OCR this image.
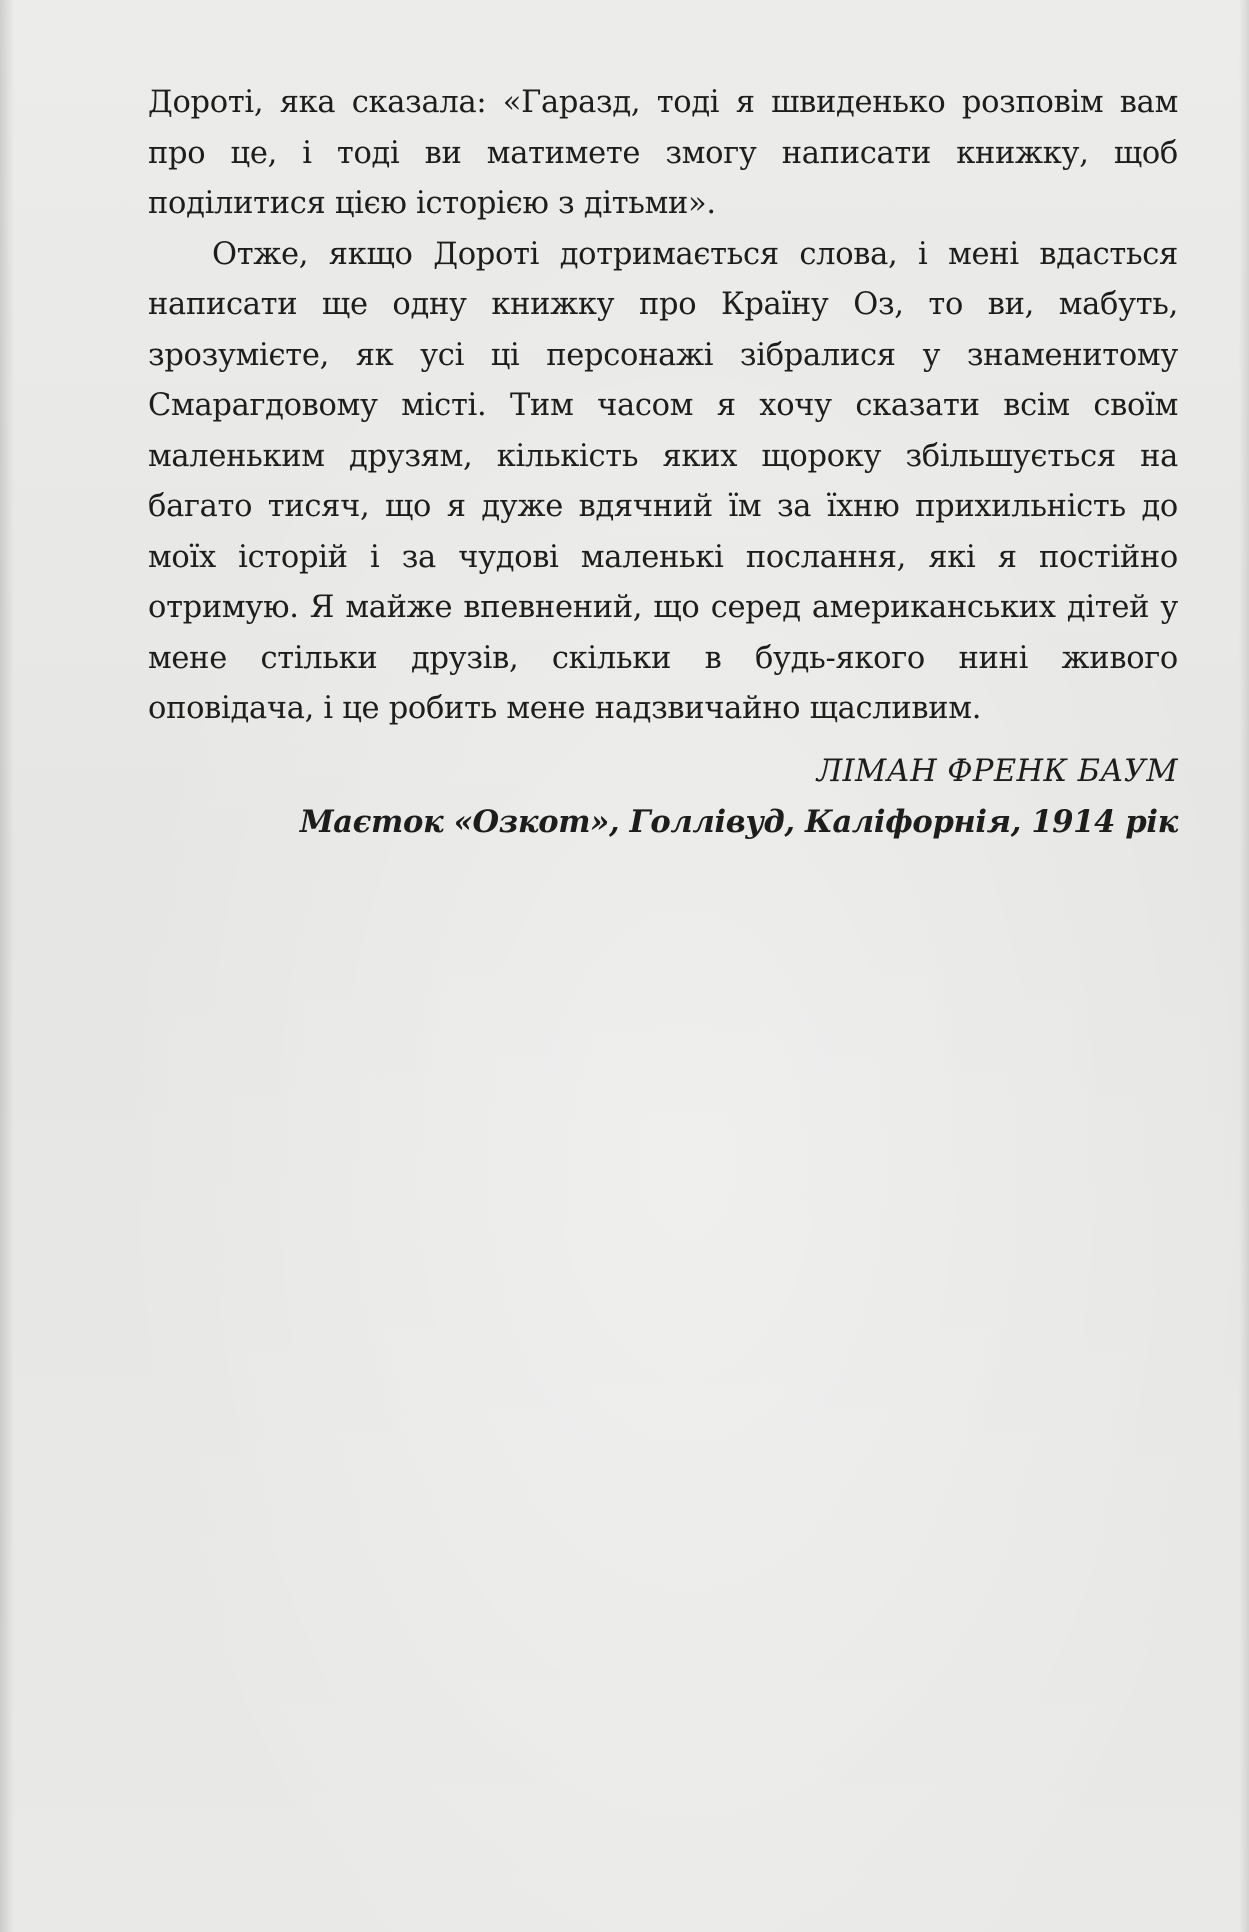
Дороті, яка сказала: «Гаразд, тоді я швиденько розповім вам про це, і тоді ви матимете змогу написати книжку, щоб поділитися цією історією з дітьми».

Отже, якщо Дороті дотримається слова, і мені вдасться написати ще одну книжку про Країну Оз, то ви, мабуть, зрозумієте, як усі ці персонажі зібралися у знаменитому Смарагдовому місті. Тим часом я хочу сказати всім своїм маленьким друзям, кількість яких щороку збільшується на багато тисяч, що я дуже вдячний їм за їхню прихильність до моїх історій і за чудові маленькі послання, які я постійно отримую. Я майже впевнений, що серед американських дітей у мене стільки друзів, скільки в будь-якого нині живого оповідача, і це робить мене надзвичайно щасливим.

ЛІМАН ФРЕНК БАУМ
Маєток «Озкот», Голлівуд, Каліфорнія, 1914 рік
